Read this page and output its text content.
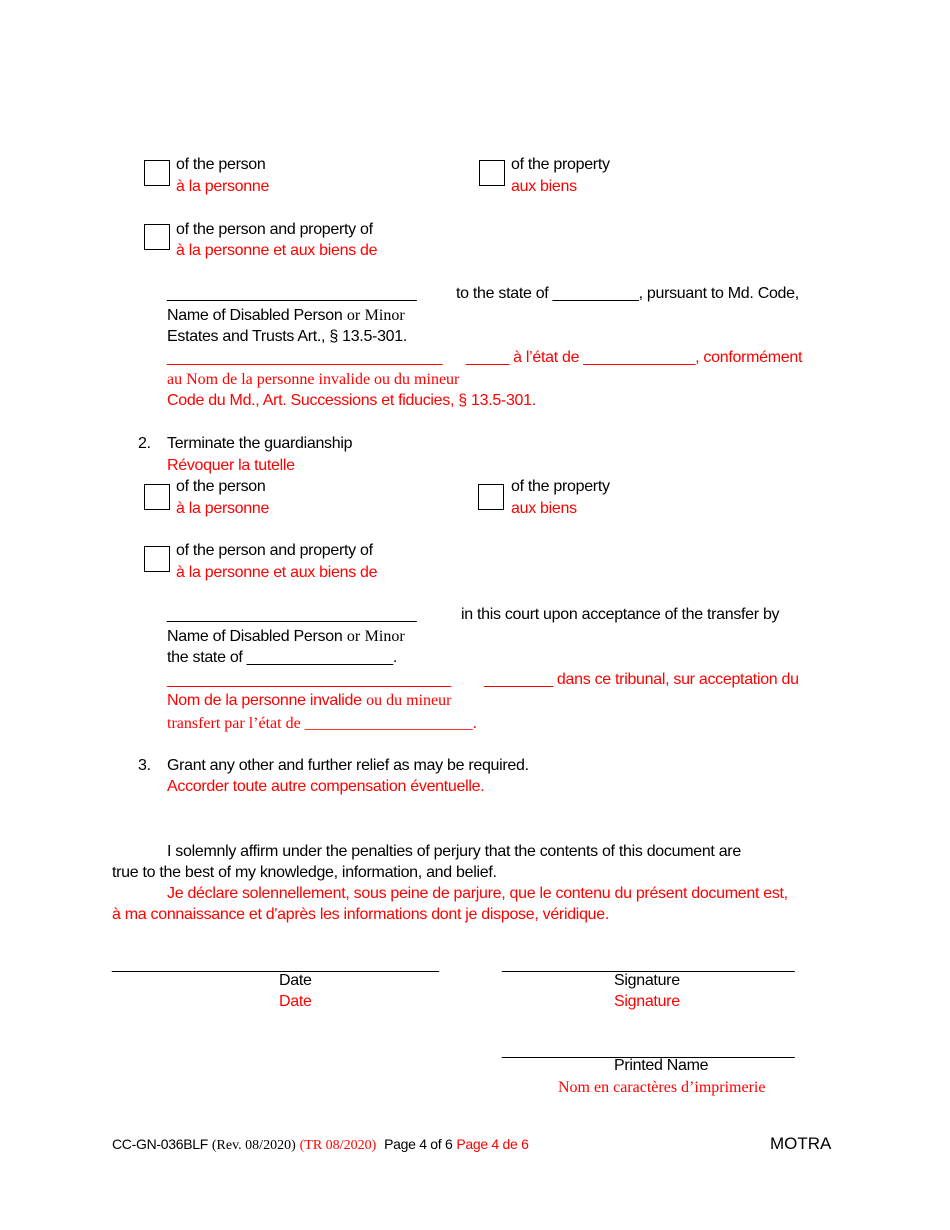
of the person
à la personne
of the property
aux biens
of the person and property of
à la personne et aux biens de
_____________________________ to the state of __________, pursuant to Md. Code,
Name of Disabled Person or Minor
Estates and Trusts Art., § 13.5-301.
________________________________ _____ à l’état de _____________, conformément
au Nom de la personne invalide ou du mineur
Code du Md., Art. Successions et fiducies, § 13.5-301.
2. Terminate the guardianship
Révoquer la tutelle
of the person
à la personne
of the property
aux biens
of the person and property of
à la personne et aux biens de
_____________________________	in this court upon acceptance of the transfer by
Name of Disabled Person or Minor
the state of _________________.
_________________________________ ________ dans ce tribunal, sur acceptation du
Nom de la personne invalide ou du mineur
transfert par l’état de _____________________.
3. Grant any other and further relief as may be required.
Accorder toute autre compensation éventuelle.
I solemnly affirm under the penalties of perjury that the contents of this document are
true to the best of my knowledge, information, and belief.
Je déclare solennellement, sous peine de parjure, que le contenu du présent document est,
à ma connaissance et d'après les informations dont je dispose, véridique.
______________________________________
Date
Date
__________________________________
Signature
Signature
__________________________________
Printed Name
Nom en caractères d’imprimerie
CC-GN-036BLF (Rev. 08/2020) (TR 08/2020) Page 4 of 6 Page 4 de 6	MOTRA
